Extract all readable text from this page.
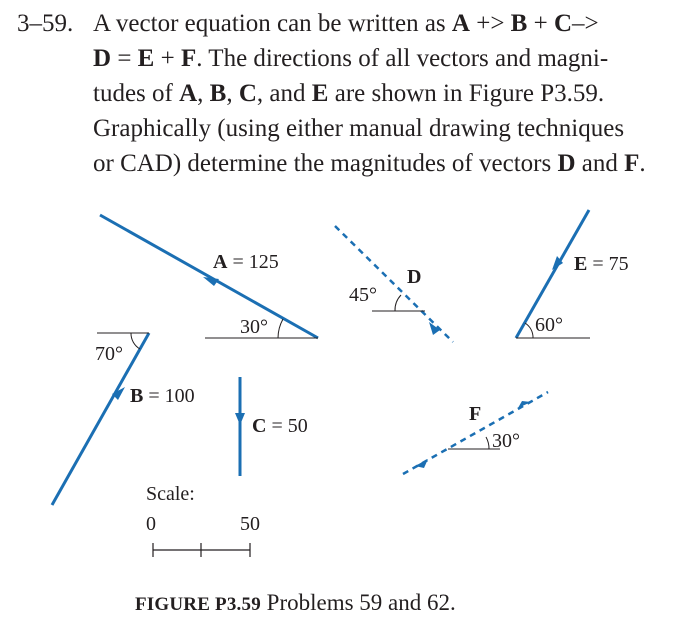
3–59. A vector equation can be written as A +> B + C–>
D = E + F. The directions of all vectors and magni-
tudes of A, B, C, and E are shown in Figure P3.59.
Graphically (using either manual drawing techniques
or CAD) determine the magnitudes of vectors D and F.
30°
A = 125
70°
B = 100
C = 50
45°
D
60°
E = 75
30°
F
Scale:
0	50
FIGURE P3.59 Problems 59 and 62.
